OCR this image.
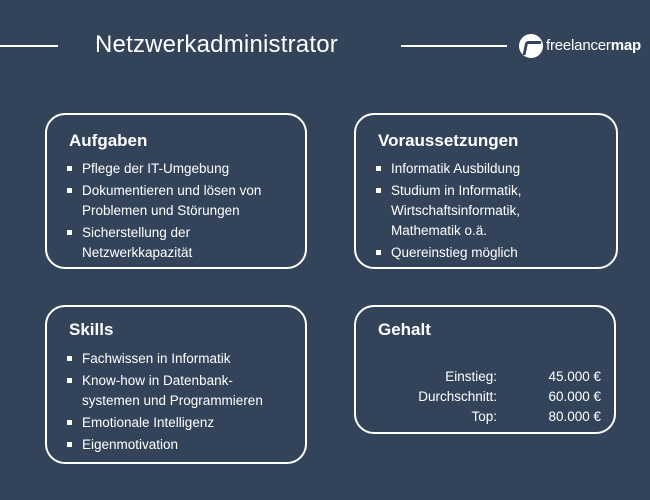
Netzwerkadministrator	freelancermap
Aufgaben
Pflege der IT-Umgebung
Dokumentieren und lösen von
Problemen und Störungen
Sicherstellung der
Netzwerkkapazität
Voraussetzungen
Informatik Ausbildung
Studium in Informatik,
Wirtschaftsinformatik,
Mathematik o.ä.
Quereinstieg möglich
Skills
Fachwissen in Informatik
Know-how in Datenbank-
systemen und Programmieren
Emotionale Intelligenz
Eigenmotivation
Gehalt
Einstieg:	45.000 €
Durchschnitt:	60.000 €
Top:	80.000 €
